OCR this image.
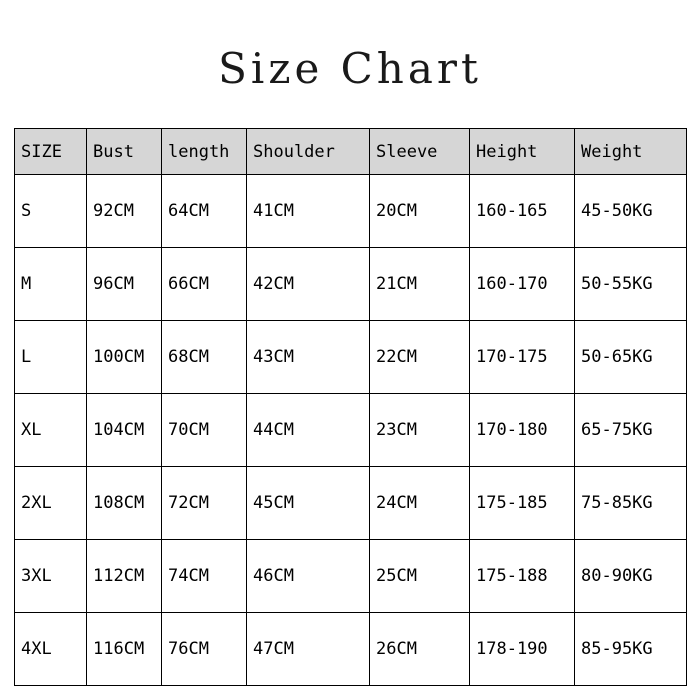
Size Chart
SIZE	Bust	length	Shoulder	Sleeve	Height	Weight
S	92CM	64CM	41CM	20CM	160-165	45-50KG
M	96CM	66CM	42CM	21CM	160-170	50-55KG
L	100CM	68CM	43CM	22CM	170-175	50-65KG
XL	104CM	70CM	44CM	23CM	170-180	65-75KG
2XL	108CM	72CM	45CM	24CM	175-185	75-85KG
3XL	112CM	74CM	46CM	25CM	175-188	80-90KG
4XL	116CM	76CM	47CM	26CM	178-190	85-95KG
